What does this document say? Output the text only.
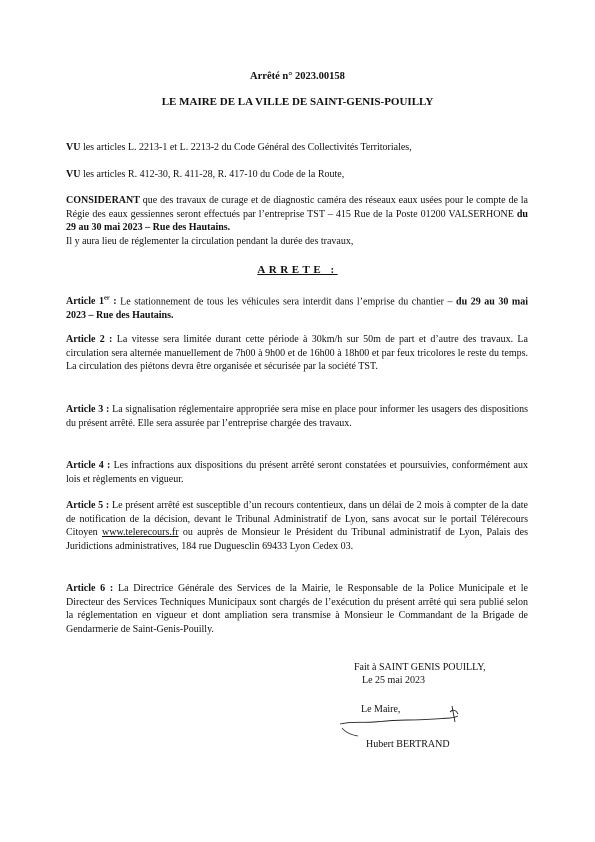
Arrêté n° 2023.00158
LE MAIRE DE LA VILLE DE SAINT-GENIS-POUILLY
VU les articles L. 2213-1 et L. 2213-2 du Code Général des Collectivités Territoriales,
VU les articles R. 412-30, R. 411-28, R. 417-10 du Code de la Route,
CONSIDERANT que des travaux de curage et de diagnostic caméra des réseaux eaux usées pour le compte de la Régie des eaux gessiennes seront effectués par l’entreprise TST – 415 Rue de la Poste 01200 VALSERHONE du 29 au 30 mai 2023 – Rue des Hautains.
Il y aura lieu de réglementer la circulation pendant la durée des travaux,
ARRETE :
Article 1er : Le stationnement de tous les véhicules sera interdit dans l’emprise du chantier – du 29 au 30 mai 2023 – Rue des Hautains.
Article 2 : La vitesse sera limitée durant cette période à 30km/h sur 50m de part et d’autre des travaux. La circulation sera alternée manuellement de 7h00 à 9h00 et de 16h00 à 18h00 et par feux tricolores le reste du temps. La circulation des piétons devra être organisée et sécurisée par la société TST.
Article 3 : La signalisation réglementaire appropriée sera mise en place pour informer les usagers des dispositions du présent arrêté. Elle sera assurée par l’entreprise chargée des travaux.
Article 4 : Les infractions aux dispositions du présent arrêté seront constatées et poursuivies, conformément aux lois et règlements en vigueur.
Article 5 : Le présent arrêté est susceptible d’un recours contentieux, dans un délai de 2 mois à compter de la date de notification de la décision, devant le Tribunal Administratif de Lyon, sans avocat sur le portail Télérecours Citoyen www.telerecours.fr ou auprès de Monsieur le Président du Tribunal administratif de Lyon, Palais des Juridictions administratives, 184 rue Duguesclin 69433 Lyon Cedex 03.
Article 6 : La Directrice Générale des Services de la Mairie, le Responsable de la Police Municipale et le Directeur des Services Techniques Municipaux sont chargés de l’exécution du présent arrêté qui sera publié selon la réglementation en vigueur et dont ampliation sera transmise à Monsieur le Commandant de la Brigade de Gendarmerie de Saint-Genis-Pouilly.
Fait à SAINT GENIS POUILLY,
Le 25 mai 2023
Le Maire,
Hubert BERTRAND
